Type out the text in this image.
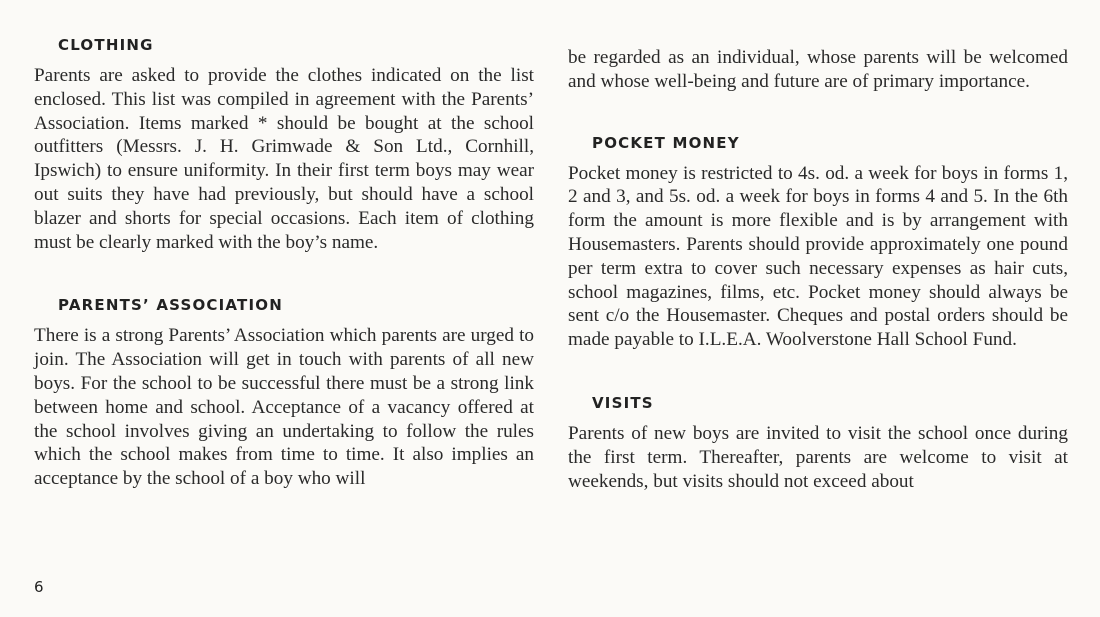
CLOTHING

Parents are asked to provide the clothes indicated on the list enclosed. This list was compiled in agreement with the Parents’ Association. Items marked * should be bought at the school outfitters (Messrs. J. H. Grimwade & Son Ltd., Cornhill, Ipswich) to ensure uniformity. In their first term boys may wear out suits they have had previously, but should have a school blazer and shorts for special occasions. Each item of clothing must be clearly marked with the boy’s name.

PARENTS’ ASSOCIATION

There is a strong Parents’ Association which parents are urged to join. The Association will get in touch with parents of all new boys. For the school to be successful there must be a strong link between home and school. Acceptance of a vacancy offered at the school involves giving an undertaking to follow the rules which the school makes from time to time. It also implies an acceptance by the school of a boy who will

be regarded as an individual, whose parents will be welcomed and whose well-being and future are of primary importance.

POCKET MONEY

Pocket money is restricted to 4s. od. a week for boys in forms 1, 2 and 3, and 5s. od. a week for boys in forms 4 and 5. In the 6th form the amount is more flexible and is by arrangement with Housemasters. Parents should provide approximately one pound per term extra to cover such necessary expenses as hair cuts, school magazines, films, etc. Pocket money should always be sent c/o the Housemaster. Cheques and postal orders should be made payable to I.L.E.A. Woolverstone Hall School Fund.

VISITS

Parents of new boys are invited to visit the school once during the first term. Thereafter, parents are welcome to visit at weekends, but visits should not exceed about

6
